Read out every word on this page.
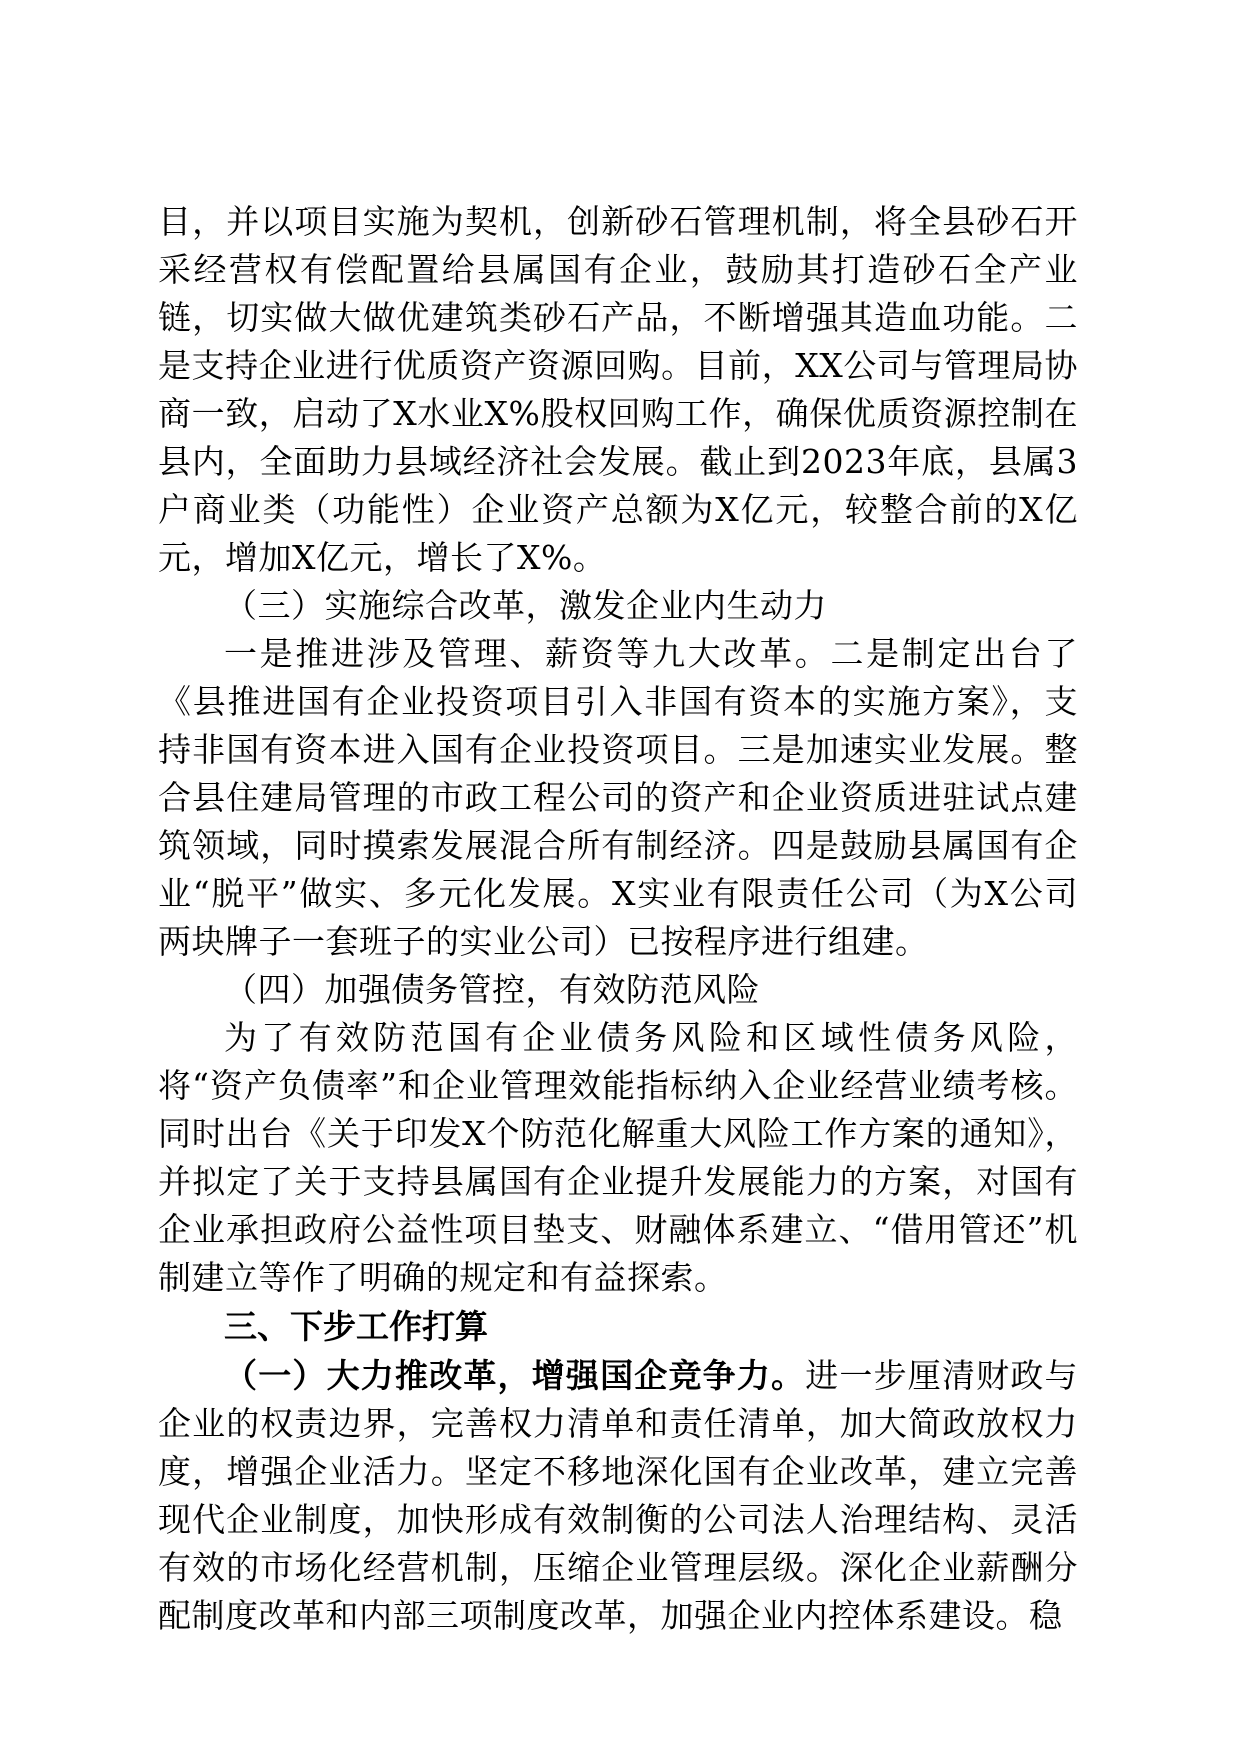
目，并以项目实施为契机，创新砂石管理机制，将全县砂石开采经营权有偿配置给县属国有企业，鼓励其打造砂石全产业链，切实做大做优建筑类砂石产品，不断增强其造血功能。二是支持企业进行优质资产资源回购。目前，XX公司与管理局协商一致，启动了X水业X%股权回购工作，确保优质资源控制在县内，全面助力县域经济社会发展。截止到2023年底，县属3户商业类（功能性）企业资产总额为X亿元，较整合前的X亿元，增加X亿元，增长了X%。

（三）实施综合改革，激发企业内生动力

一是推进涉及管理、薪资等九大改革。二是制定出台了《县推进国有企业投资项目引入非国有资本的实施方案》，支持非国有资本进入国有企业投资项目。三是加速实业发展。整合县住建局管理的市政工程公司的资产和企业资质进驻试点建筑领域，同时摸索发展混合所有制经济。四是鼓励县属国有企业“脱平”做实、多元化发展。X实业有限责任公司（为X公司两块牌子一套班子的实业公司）已按程序进行组建。

（四）加强债务管控，有效防范风险

为了有效防范国有企业债务风险和区域性债务风险，将“资产负债率”和企业管理效能指标纳入企业经营业绩考核。同时出台《关于印发X个防范化解重大风险工作方案的通知》，并拟定了关于支持县属国有企业提升发展能力的方案，对国有企业承担政府公益性项目垫支、财融体系建立、“借用管还”机制建立等作了明确的规定和有益探索。

三、下步工作打算

（一）大力推改革，增强国企竞争力。进一步厘清财政与企业的权责边界，完善权力清单和责任清单，加大简政放权力度，增强企业活力。坚定不移地深化国有企业改革，建立完善现代企业制度，加快形成有效制衡的公司法人治理结构、灵活有效的市场化经营机制，压缩企业管理层级。深化企业薪酬分配制度改革和内部三项制度改革，加强企业内控体系建设。稳
